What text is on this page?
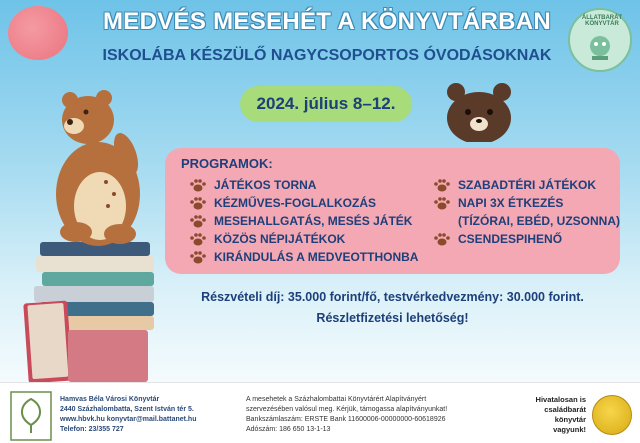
MEDVÉS MESEHÉT A KÖNYVTÁRBAN
ISKOLÁBA KÉSZÜLŐ NAGYCSOPORTOS ÓVODÁSOKNAK
ÁLLATBARÁT KÖNYVTÁR
2024. július 8–12.
PROGRAMOK:
JÁTÉKOS TORNA
KÉZMŰVES-FOGLALKOZÁS
MESEHALLGATÁS, MESÉS JÁTÉK
KÖZÖS NÉPIJÁTÉKOK
KIRÁNDULÁS A MEDVEOTTHONBA
SZABADTÉRI JÁTÉKOK
NAPI 3X ÉTKEZÉS
(TÍZÓRAI, EBÉD, UZSONNA)
CSENDESPIHENŐ
Részvételi díj: 35.000 forint/fő, testvérkedvezmény: 30.000 forint.
Részletfizetési lehetőség!
Hamvas Béla Városi Könyvtár
2440 Százhalombatta, Szent István tér 5.
www.hbvk.hu konyvtar@mail.battanet.hu
Telefon: 23/355 727
A mesehetek a Százhalombattai Könyvtárért Alapítványért
szervezésében valósul meg. Kérjük, támogassa alapítványunkat!
Bankszámlaszám: ERSTE Bank 11600006-00000000-60618926
Adószám: 186 650 13-1-13
Hivatalosan is
családbarát
könyvtár
vagyunk!
